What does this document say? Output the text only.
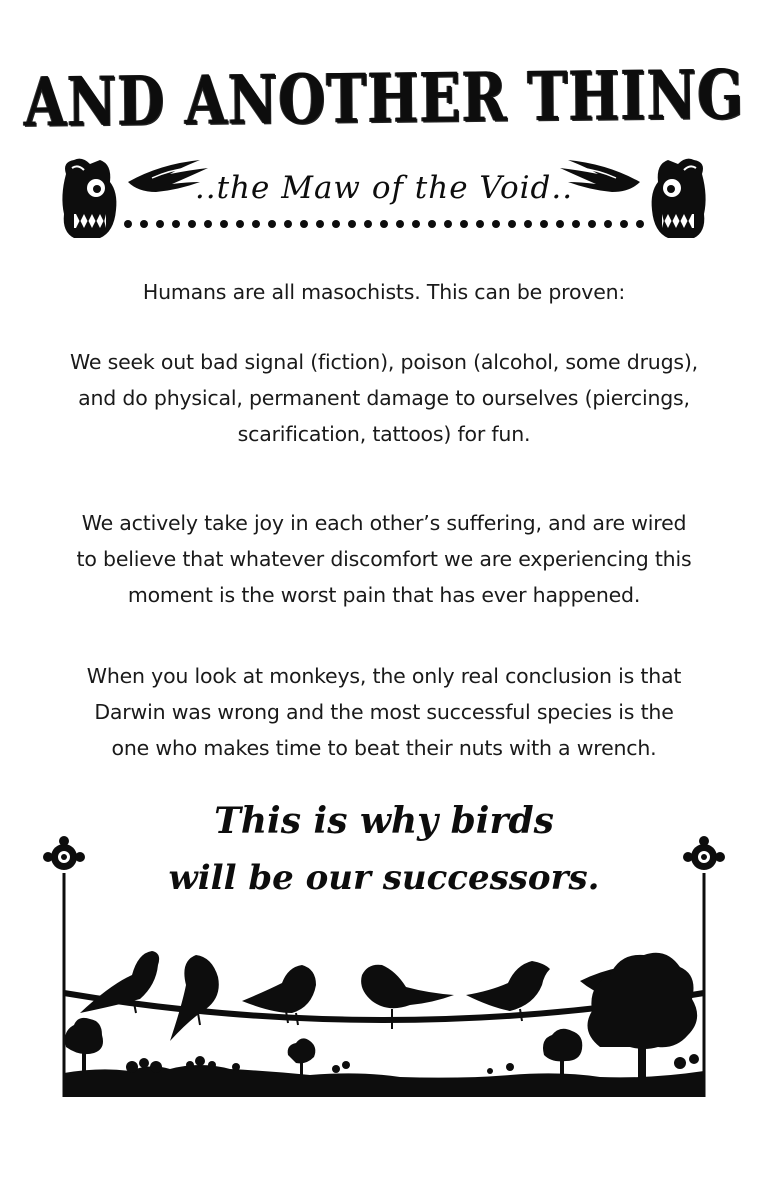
AND ANOTHER THING
..the Maw of the Void..
Humans are all masochists. This can be proven:
We seek out bad signal (fiction), poison (alcohol, some drugs),
and do physical, permanent damage to ourselves (piercings,
scarification, tattoos) for fun.
We actively take joy in each other’s suffering, and are wired
to believe that whatever discomfort we are experiencing this
moment is the worst pain that has ever happened.
When you look at monkeys, the only real conclusion is that
Darwin was wrong and the most successful species is the
one who makes time to beat their nuts with a wrench.
This is why birds
will be our successors.
